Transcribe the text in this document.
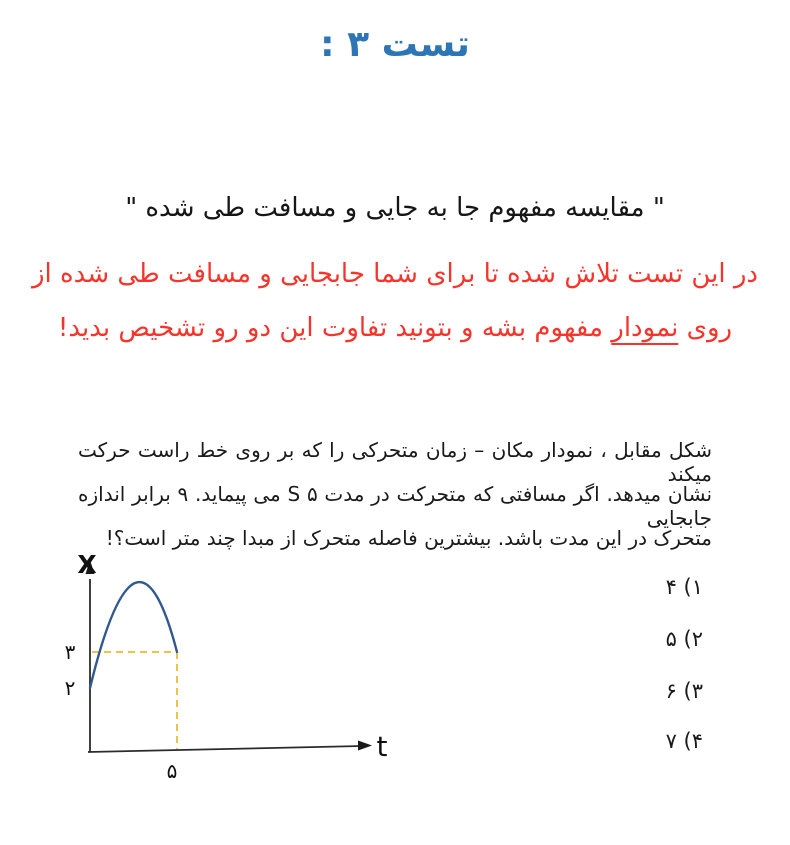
تست ۳ :
" مقایسه مفهوم جا به جایی و مسافت طی شده "
در این تست تلاش شده تا برای شما جابجایی و مسافت طی شده از
روی نمودار مفهوم بشه و بتونید تفاوت این دو رو تشخیص بدید!
شکل مقابل ، نمودار مکان – زمان متحرکی را که بر روی خط راست حرکت میکند
نشان میدهد. اگر مسافتی که متحرکت در مدت ۵ S می پیماید. ۹ برابر اندازه جابجایی
متحرک در این مدت باشد. بیشترین فاصله متحرک از مبدا چند متر است؟!
۱) ۴
۲) ۵
۳) ۶
۴) ۷
X
t
۳
۲
۵
